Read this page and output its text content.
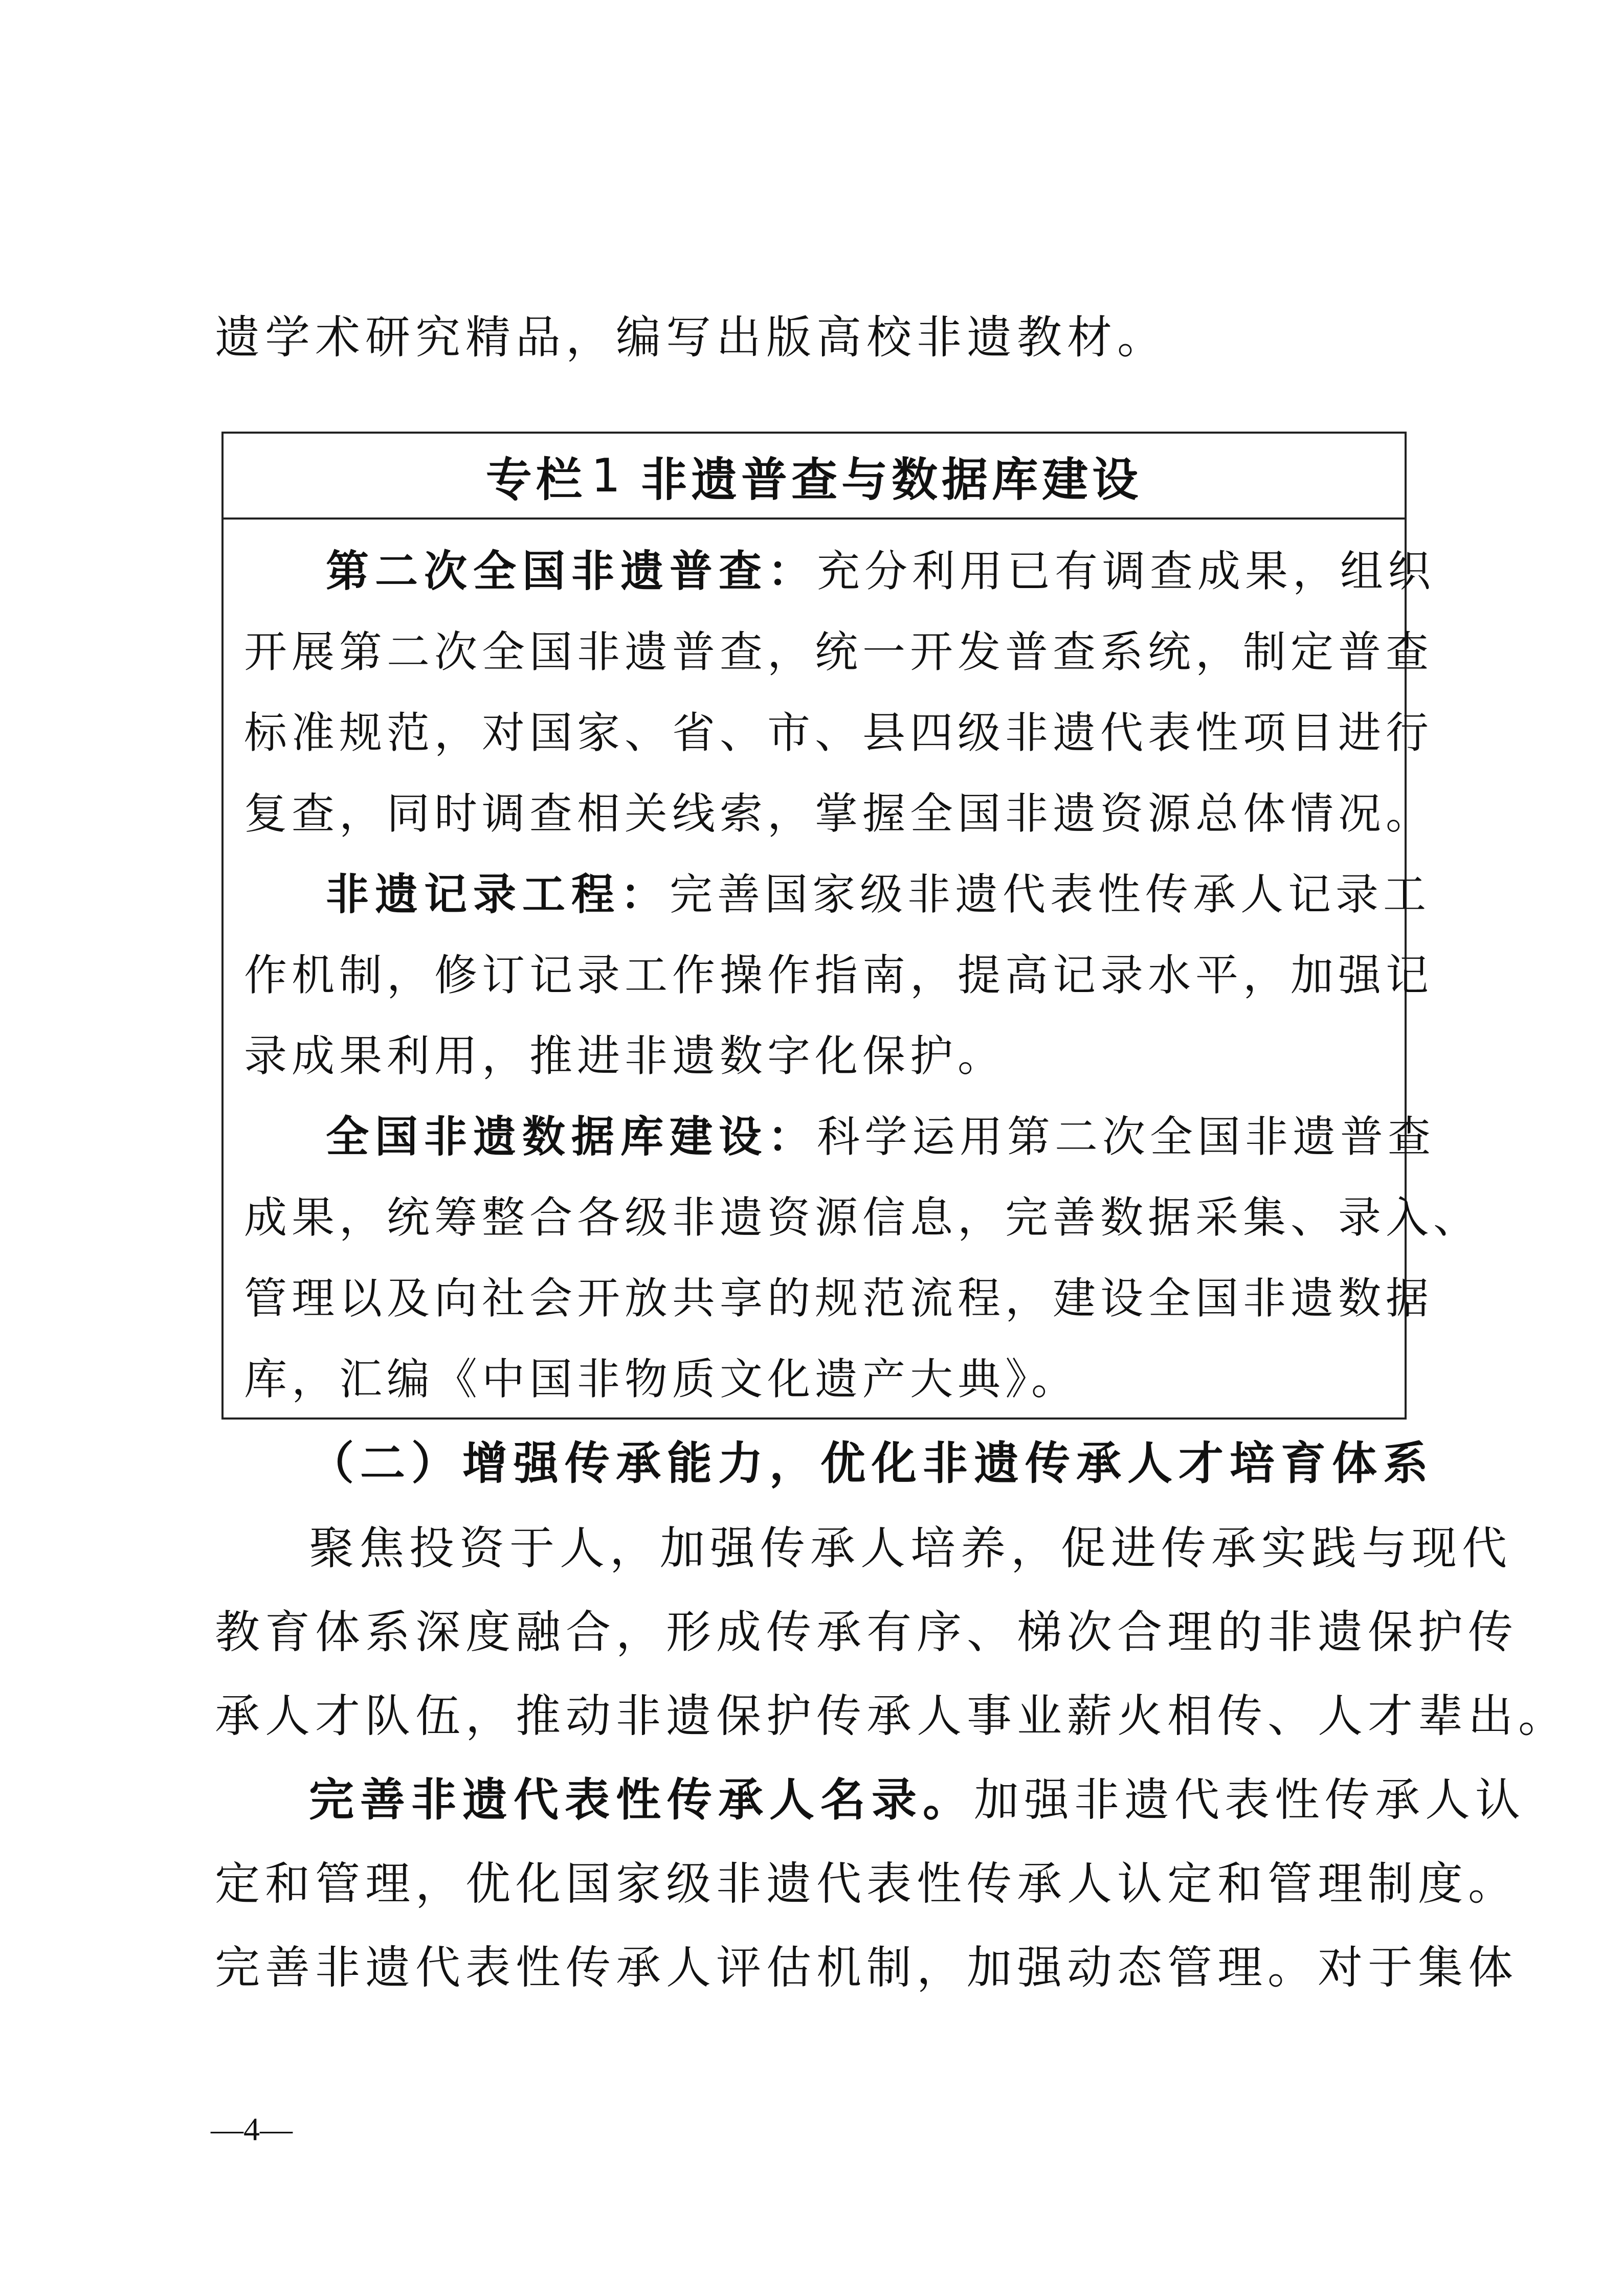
遗学术研究精品，编写出版高校非遗教材。
专栏 1 非遗普查与数据库建设
第二次全国非遗普查：充分利用已有调查成果，组织
开展第二次全国非遗普查，统一开发普查系统，制定普查
标准规范，对国家、省、市、县四级非遗代表性项目进行
复查，同时调查相关线索，掌握全国非遗资源总体情况。
非遗记录工程：完善国家级非遗代表性传承人记录工
作机制，修订记录工作操作指南，提高记录水平，加强记
录成果利用，推进非遗数字化保护。
全国非遗数据库建设：科学运用第二次全国非遗普查
成果，统筹整合各级非遗资源信息，完善数据采集、录入、
管理以及向社会开放共享的规范流程，建设全国非遗数据
库，汇编《中国非物质文化遗产大典》。
（二）增强传承能力，优化非遗传承人才培育体系
聚焦投资于人，加强传承人培养，促进传承实践与现代
教育体系深度融合，形成传承有序、梯次合理的非遗保护传
承人才队伍，推动非遗保护传承人事业薪火相传、人才辈出。
完善非遗代表性传承人名录。加强非遗代表性传承人认
定和管理，优化国家级非遗代表性传承人认定和管理制度。
完善非遗代表性传承人评估机制，加强动态管理。对于集体
—4—
